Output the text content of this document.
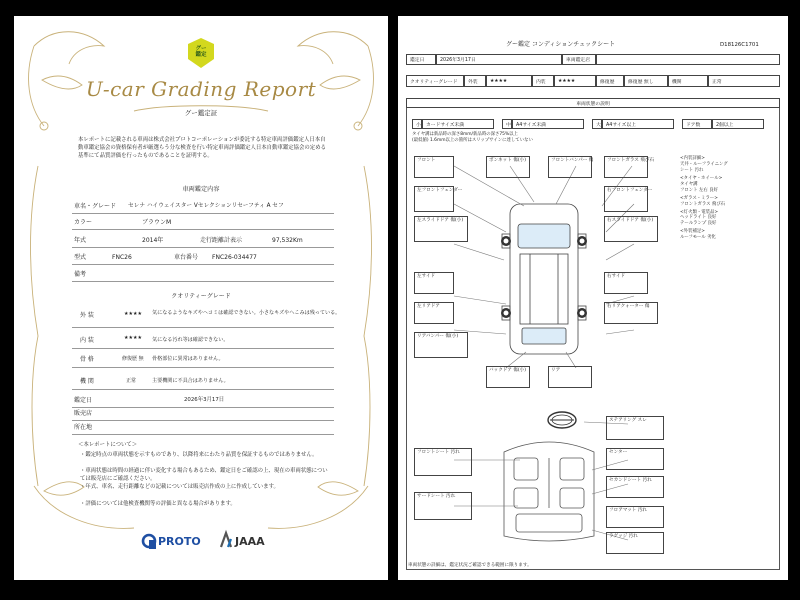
グー
鑑定
U-car Grading Report
グー鑑定証
本レポートに記載される車両は株式会社プロトコーポレーションが委託する特定車両評価鑑定人日本自動車鑑定協会の資格保有者が厳選らう分な検査を行い特定車両評価鑑定人日本自動車鑑定協会の定める基準にて品質評価を行ったものであることを証明する。
車両鑑定内容
車名・グレード セレナ ハイウェイスター Vセレクションリセーフティ A セフ
カラー	ブラウンM
年式	2014年	走行距離計表示	97,532Km
型式	FNC26	車台番号 FNC26-034477
備考
クオリティーグレード
外 装	★★★★ 気になるようなキズやヘコミは確認できない。小さなキズやへこみは残っている。
内 装	★★★★ 気になる汚れ等は確認できない。
骨 格	修復歴 無 骨格部位に異常はありません。
機 関	正常	主要機関に不具合はありません。
鑑定日	2026年3月17日
販売店
所在地
＜本レポートについて＞
・鑑定時点の車両状態を示すものであり、以降将来にわたり品質を保証するものではありません。
・車両状態は時間の経過に伴い変化する場合もあるため、鑑定日をご確認の上、現在の車両状態については販売店にご確認ください。
・年式、車名、走行距離などの記載については販売店作成の上に作成しています。
・評価については他検査機関等の評価と異なる場合があります。
PROTO	JAAA
グー鑑定 コンディションチェックシート	D18126C1701
鑑定日	2026年3月17日	車両鑑定店
クオリティーグレード	外装	★★★★	内装	★★★★	修復歴	修復歴 無し	機関	正常
車両状態の説明
小	カードサイズ未満	中	A4サイズ未満	大	A4サイズ以上	ドア数	2個以上
タイヤ溝は新品時の深さ8mm/新品時の深さ75%以上
(最低値) 1.6mm以上の箇所はスリップサインに達していない
フロント	ボンネット 傷(小)	フロントバンパー 傷	フロントガラス 飛び石
左フロントフェンダー	右フロントフェンダー
左スライドドア 傷(小)	右スライドドア 傷(小)
左サイド	右サイド
左リアドア	右リアクォーター 傷
リアバンパー 傷(小)
バックドア 傷(小)	リア
<内装詳細>
天井・ルーフライニング
シート 汚れ
<タイヤ・ホイール>
タイヤ溝
フロント 左右 良好
<ガラス・ミラー>
フロントガラス 飛び石
<灯火類・電装品>
ヘッドライト 良好
テールランプ 良好
<外装補足>
ルーフモール 劣化
ステアリング スレ
フロントシート 汚れ	センター
セカンドシート 汚れ
サードシート 汚れ
フロアマット 汚れ
ラゲッジ 汚れ
車両状態の詳細は、鑑定状況ご確認できる範囲に限ります。
